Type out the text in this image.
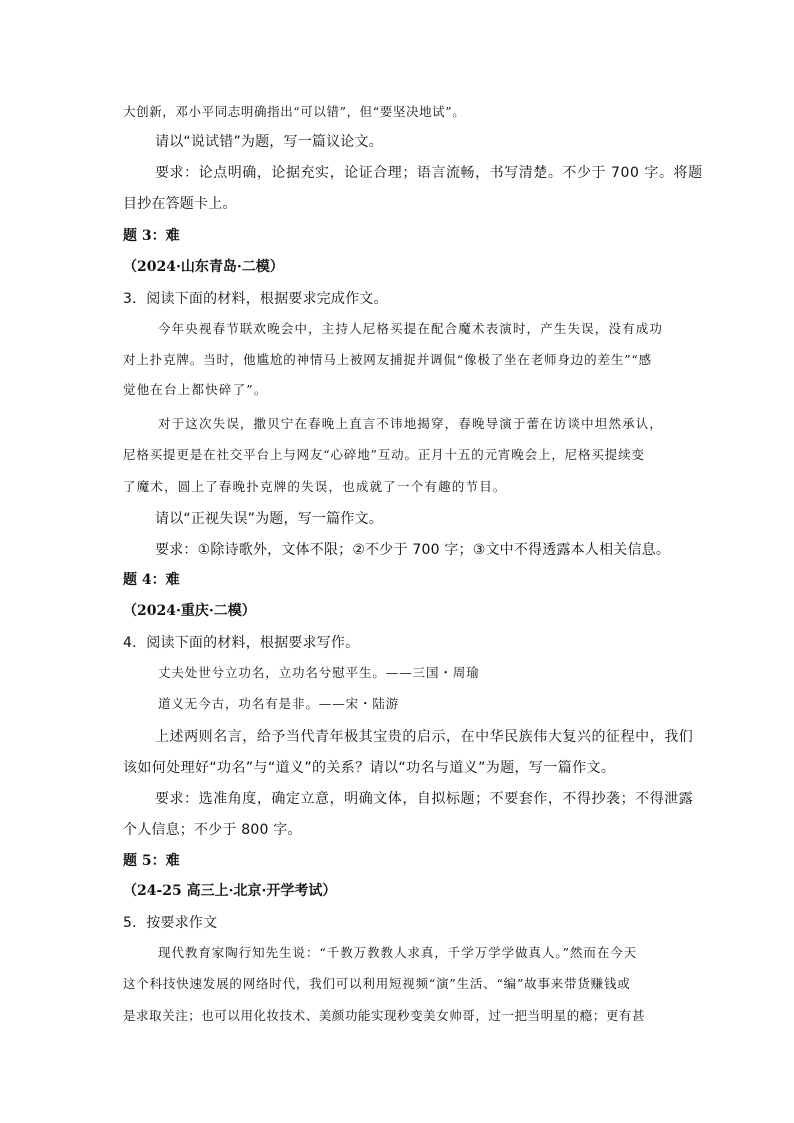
大创新，邓小平同志明确指出“可以错”，但“要坚决地试”。
请以“说试错”为题，写一篇议论文。
要求：论点明确，论据充实，论证合理；语言流畅，书写清楚。不少于 700 字。将题
目抄在答题卡上。
题 3：难
（2024·山东青岛·二模）
3．阅读下面的材料，根据要求完成作文。
今年央视春节联欢晚会中，主持人尼格买提在配合魔术表演时，产生失误，没有成功
对上扑克牌。当时，他尴尬的神情马上被网友捕捉并调侃“像极了坐在老师身边的差生”“感
觉他在台上都快碎了”。
对于这次失误，撒贝宁在春晚上直言不讳地揭穿，春晚导演于蕾在访谈中坦然承认，
尼格买提更是在社交平台上与网友“心碎地”互动。正月十五的元宵晚会上，尼格买提续变
了魔术，圆上了春晚扑克牌的失误，也成就了一个有趣的节目。
请以“正视失误”为题，写一篇作文。
要求：①除诗歌外，文体不限；②不少于 700 字；③文中不得透露本人相关信息。
题 4：难
（2024·重庆·二模）
4．阅读下面的材料，根据要求写作。
丈夫处世兮立功名，立功名兮慰平生。——三国・周瑜
道义无今古，功名有是非。——宋・陆游
上述两则名言，给予当代青年极其宝贵的启示，在中华民族伟大复兴的征程中，我们
该如何处理好“功名”与“道义”的关系？请以“功名与道义”为题，写一篇作文。
要求：选准角度，确定立意，明确文体，自拟标题；不要套作，不得抄袭；不得泄露
个人信息；不少于 800 字。
题 5：难
（24-25 高三上·北京·开学考试）
5．按要求作文
现代教育家陶行知先生说：“千教万教教人求真，千学万学学做真人。”然而在今天
这个科技快速发展的网络时代，我们可以利用短视频“演”生活、“编”故事来带货赚钱或
是求取关注；也可以用化妆技术、美颜功能实现秒变美女帅哥，过一把当明星的瘾；更有甚
